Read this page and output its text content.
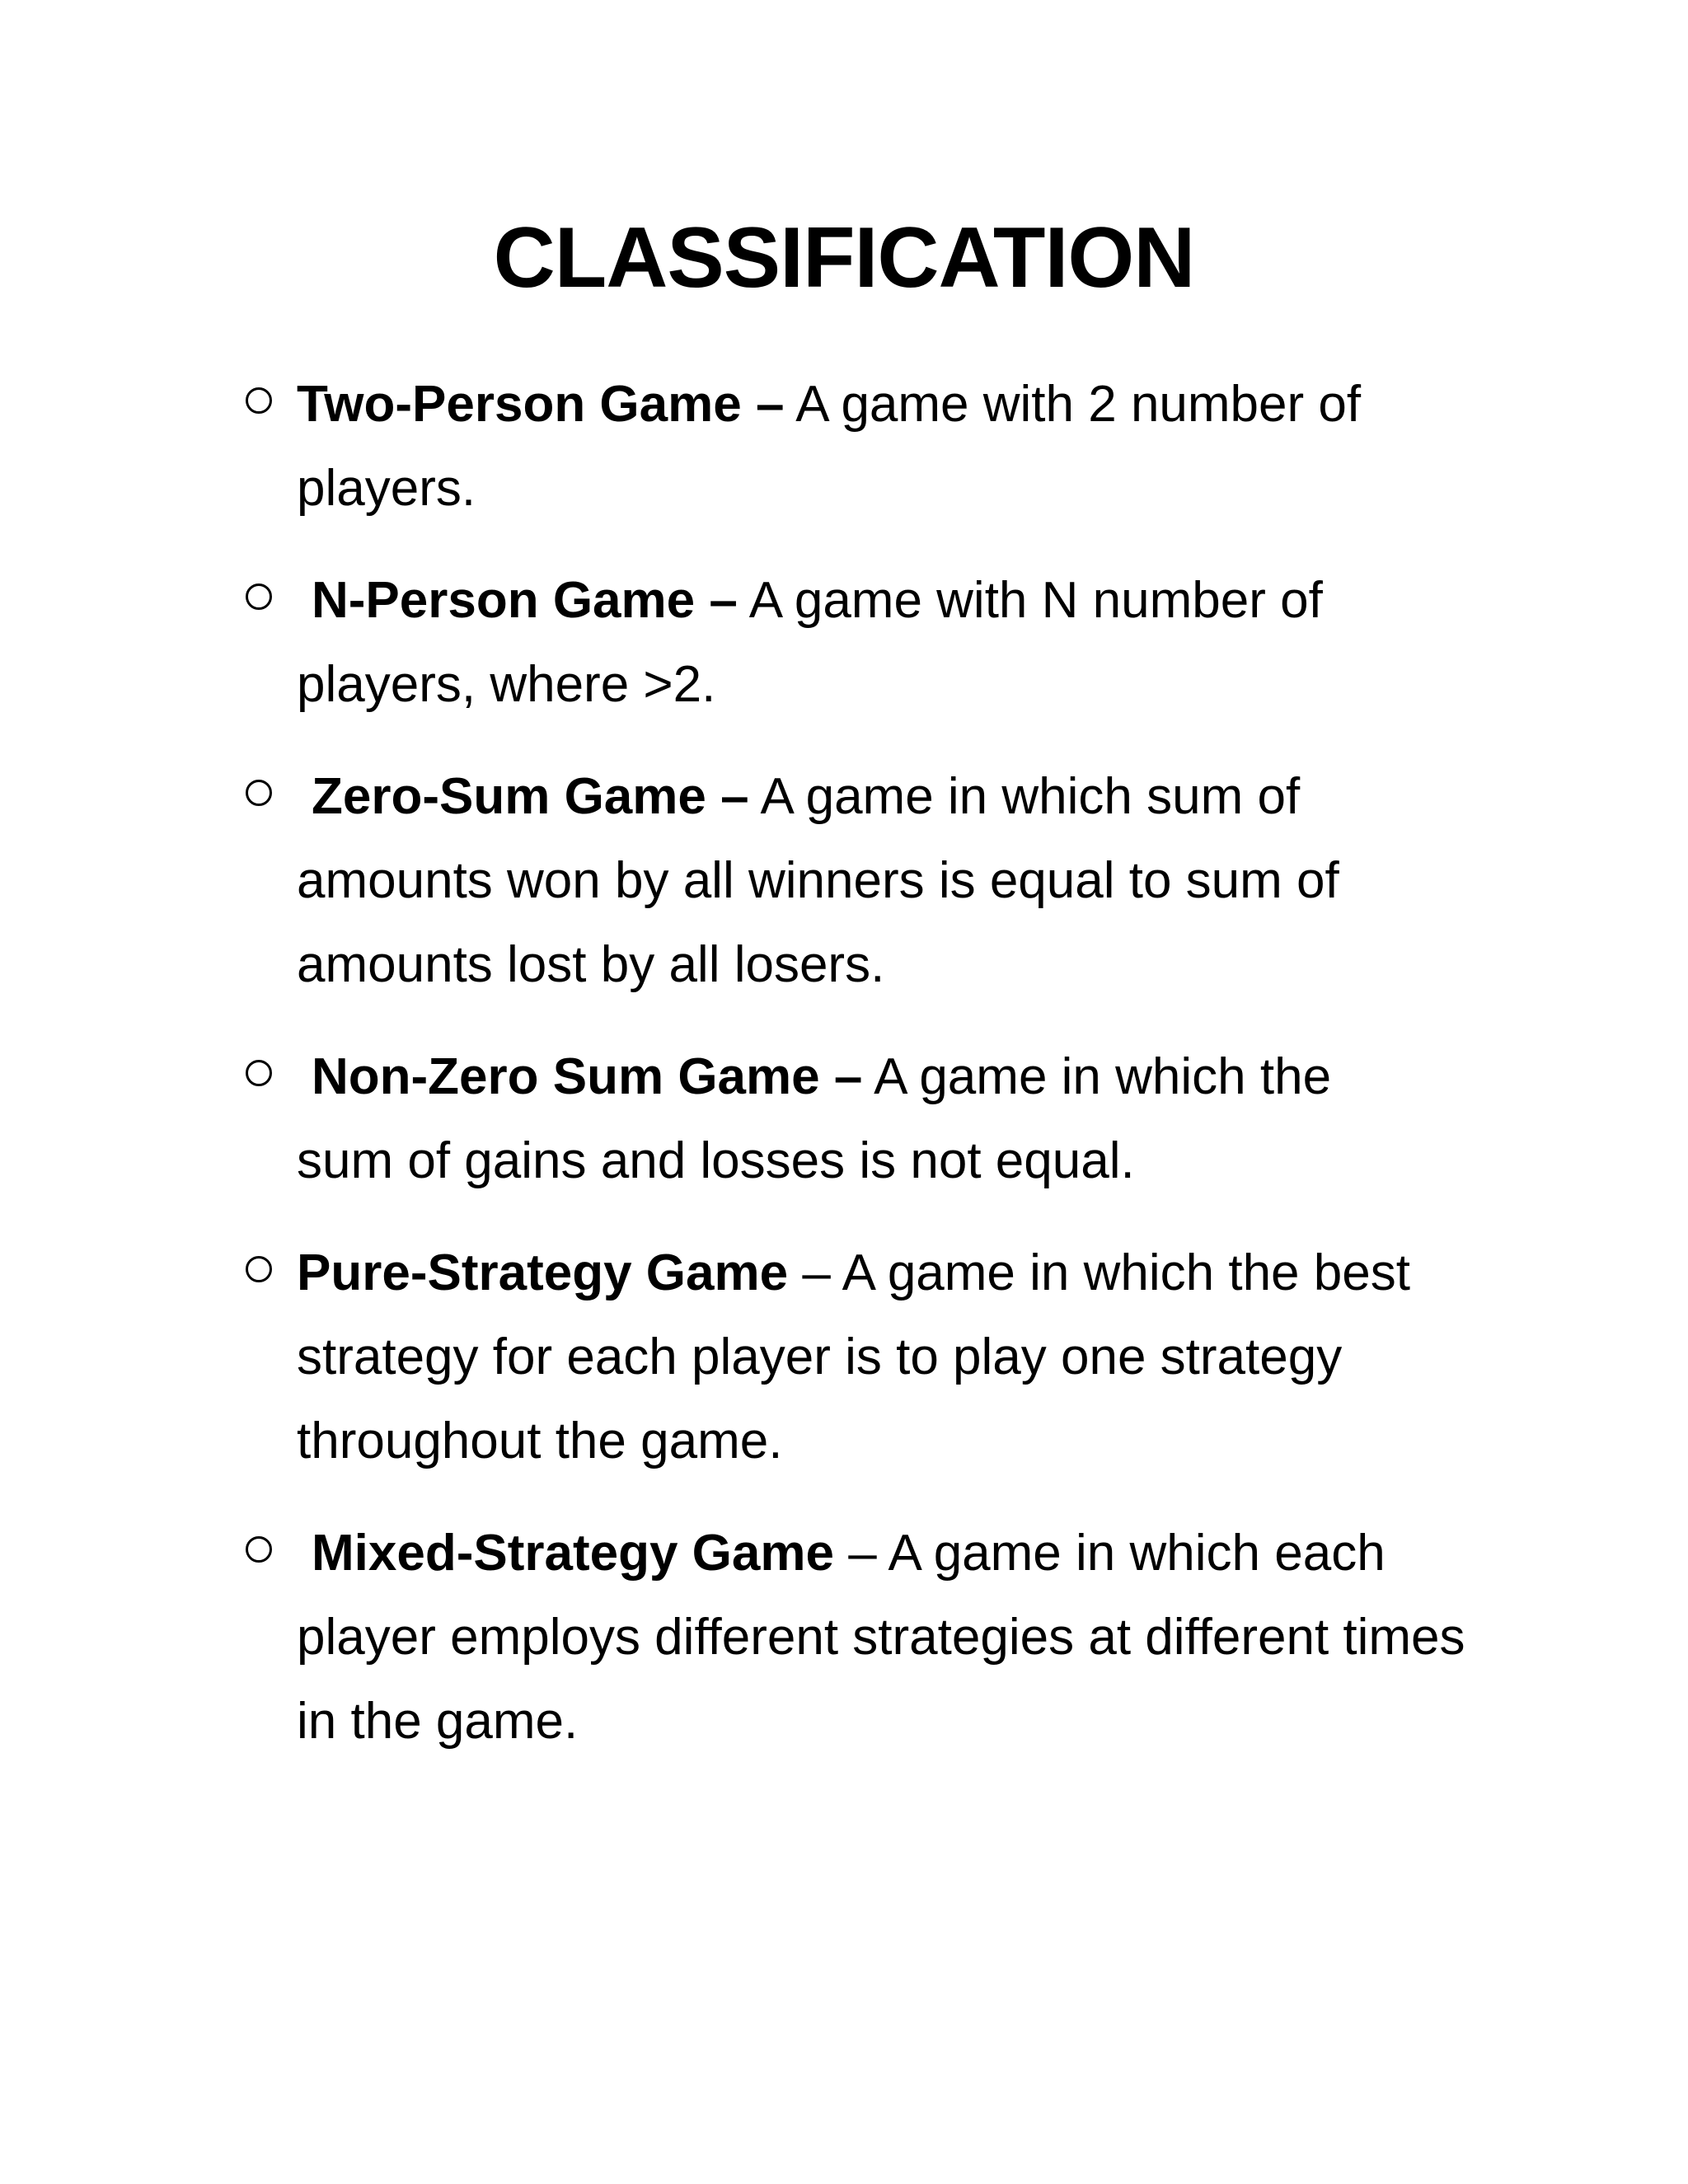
CLASSIFICATION
Two-Person Game – A game with 2 number of
players.
N-Person Game – A game with N number of
players, where >2.
Zero-Sum Game – A game in which sum of
amounts won by all winners is equal to sum of amounts lost by all losers.
Non-Zero Sum Game – A game in which the
sum of gains and losses is not equal.
Pure-Strategy Game – A game in which the best
strategy for each player is to play one strategy throughout the game.
Mixed-Strategy Game – A game in which each
player employs different strategies at different times in the game.
